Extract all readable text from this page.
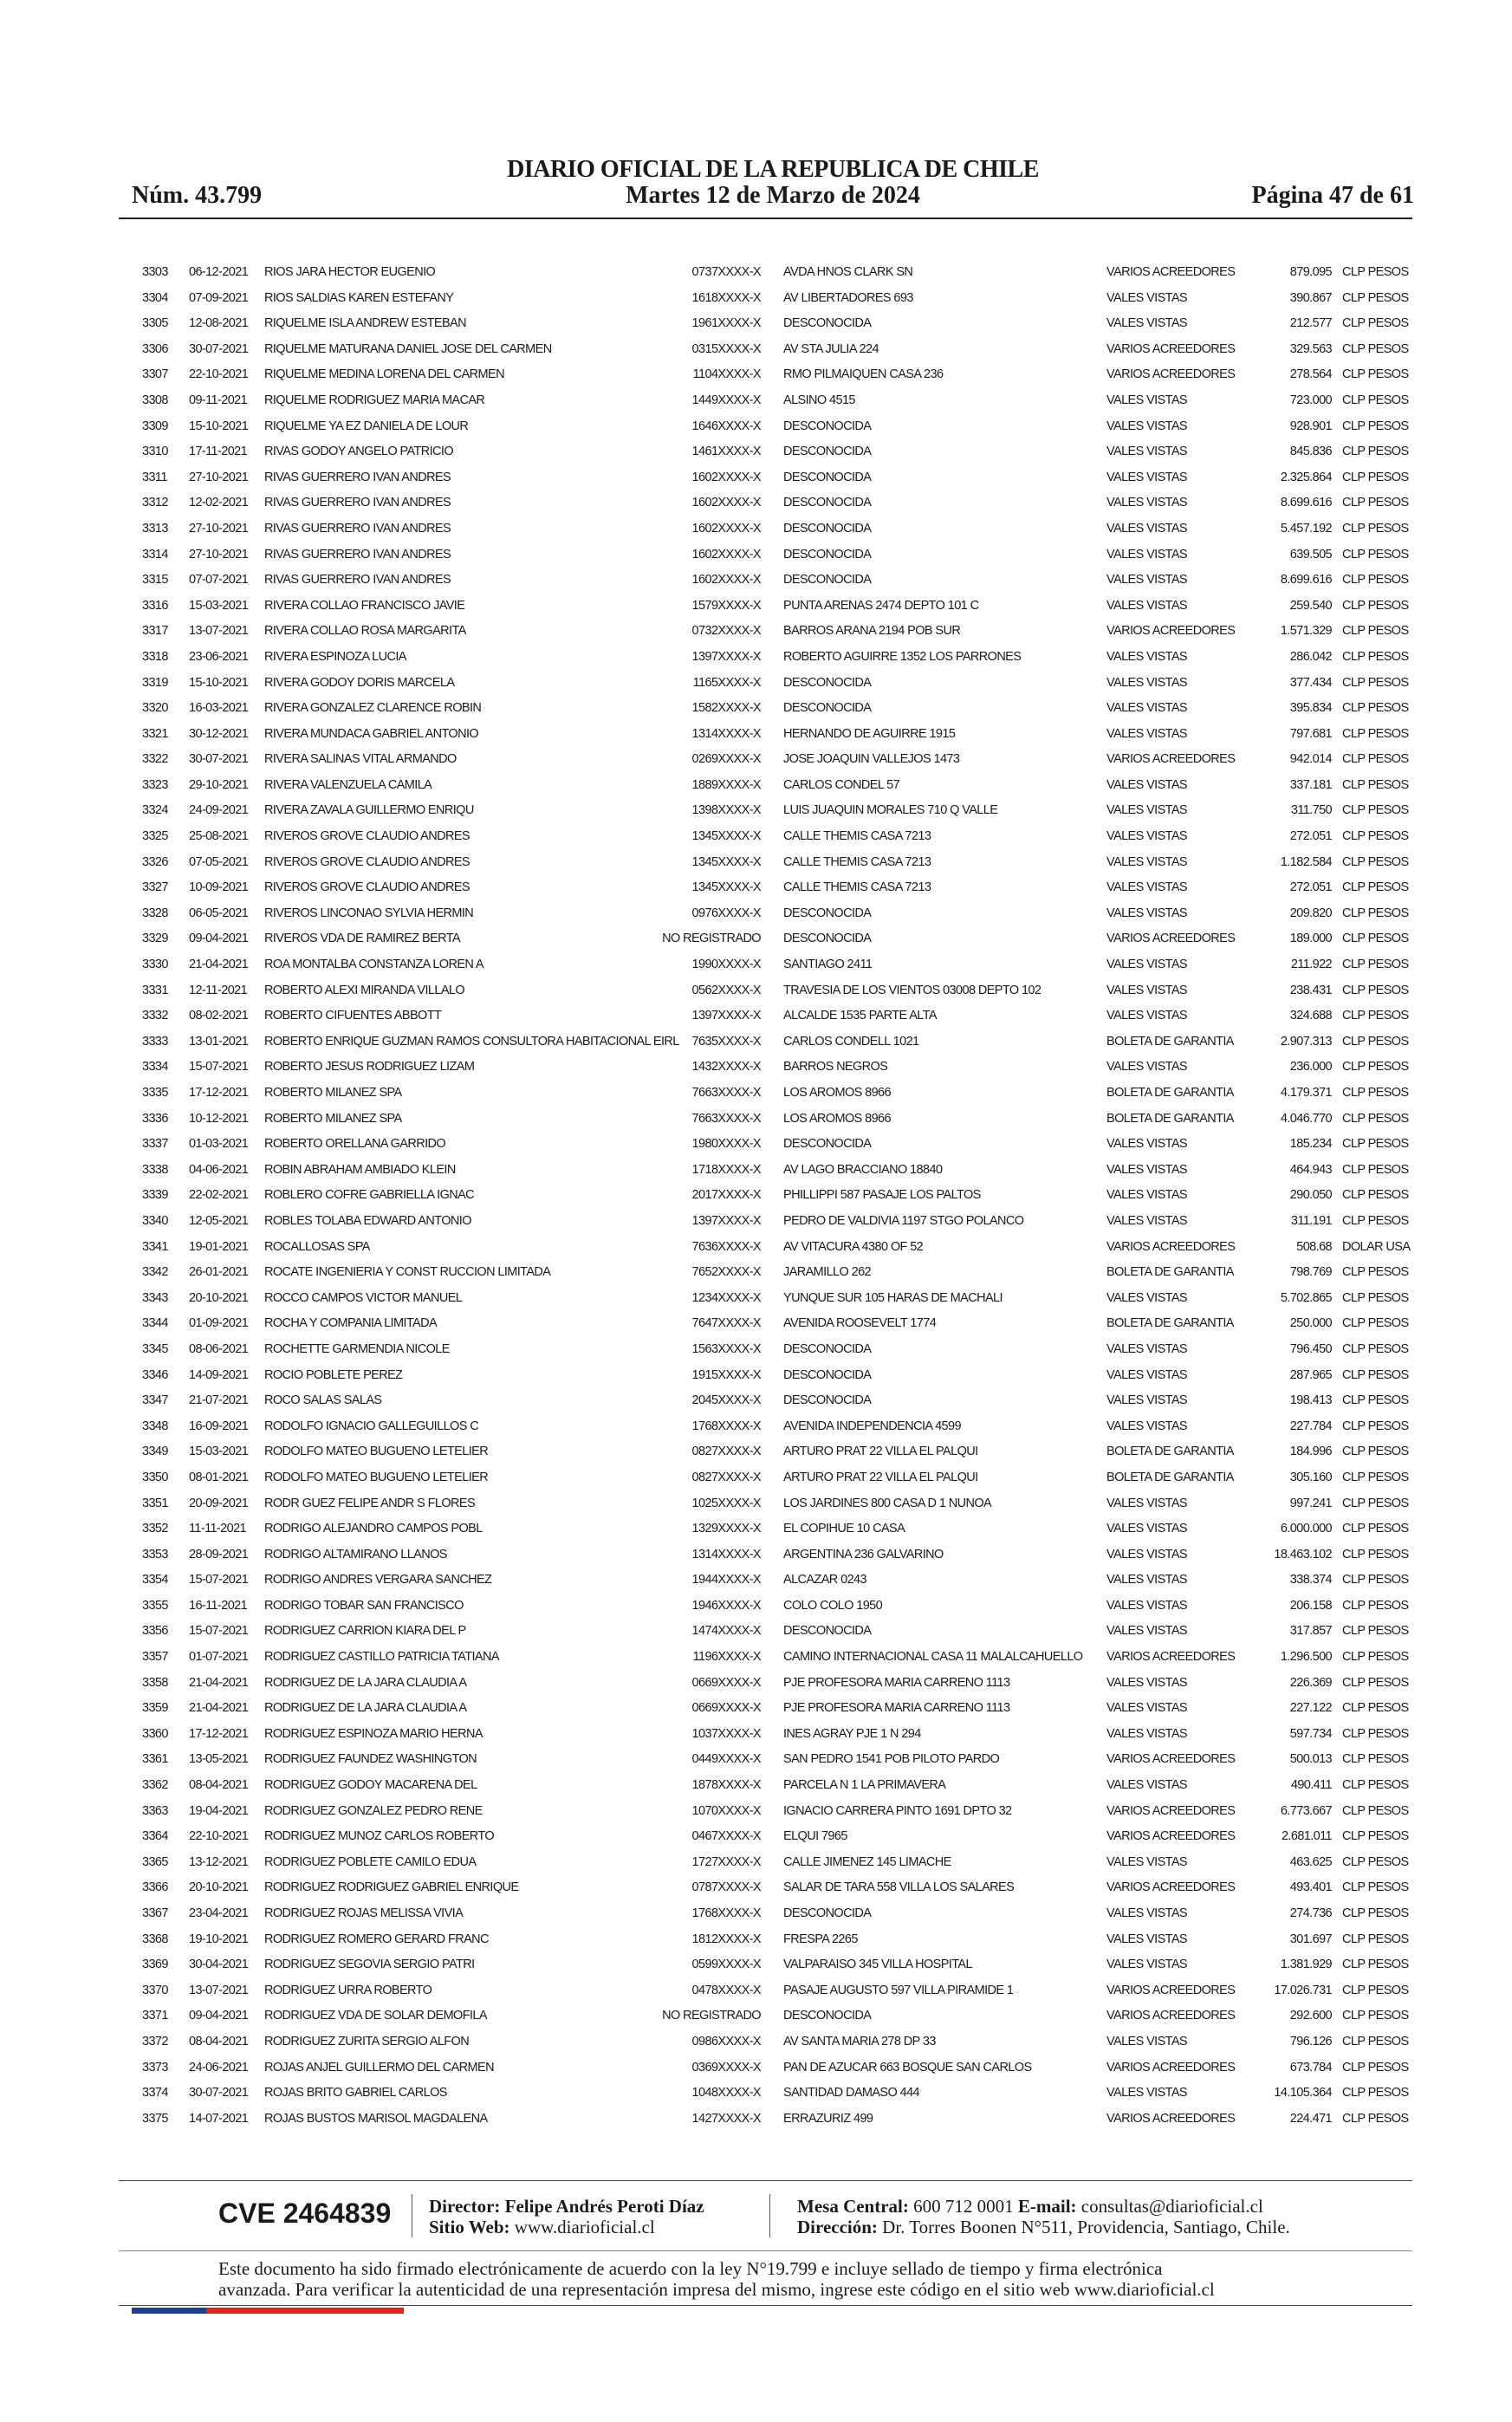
DIARIO OFICIAL DE LA REPUBLICA DE CHILE
Núm. 43.799	Martes 12 de Marzo de 2024	Página 47 de 61
3303 06-12-2021 RIOS JARA HECTOR EUGENIO	0737XXXX-X AVDA HNOS CLARK SN	VARIOS ACREEDORES	879.095 CLP PESOS
3304 07-09-2021 RIOS SALDIAS KAREN ESTEFANY	1618XXXX-X AV LIBERTADORES 693	VALES VISTAS	390.867 CLP PESOS
3305 12-08-2021 RIQUELME ISLA ANDREW ESTEBAN	1961XXXX-X DESCONOCIDA	VALES VISTAS	212.577 CLP PESOS
3306 30-07-2021 RIQUELME MATURANA DANIEL JOSE DEL CARMEN	0315XXXX-X AV STA JULIA 224	VARIOS ACREEDORES	329.563 CLP PESOS
3307 22-10-2021 RIQUELME MEDINA LORENA DEL CARMEN	1104XXXX-X RMO PILMAIQUEN CASA 236	VARIOS ACREEDORES	278.564 CLP PESOS
3308 09-11-2021 RIQUELME RODRIGUEZ MARIA MACAR	1449XXXX-X ALSINO 4515	VALES VISTAS	723.000 CLP PESOS
3309 15-10-2021 RIQUELME YA EZ DANIELA DE LOUR	1646XXXX-X DESCONOCIDA	VALES VISTAS	928.901 CLP PESOS
3310 17-11-2021 RIVAS GODOY ANGELO PATRICIO	1461XXXX-X DESCONOCIDA	VALES VISTAS	845.836 CLP PESOS
3311 27-10-2021 RIVAS GUERRERO IVAN ANDRES	1602XXXX-X DESCONOCIDA	VALES VISTAS	2.325.864 CLP PESOS
3312 12-02-2021 RIVAS GUERRERO IVAN ANDRES	1602XXXX-X DESCONOCIDA	VALES VISTAS	8.699.616 CLP PESOS
3313 27-10-2021 RIVAS GUERRERO IVAN ANDRES	1602XXXX-X DESCONOCIDA	VALES VISTAS	5.457.192 CLP PESOS
3314 27-10-2021 RIVAS GUERRERO IVAN ANDRES	1602XXXX-X DESCONOCIDA	VALES VISTAS	639.505 CLP PESOS
3315 07-07-2021 RIVAS GUERRERO IVAN ANDRES	1602XXXX-X DESCONOCIDA	VALES VISTAS	8.699.616 CLP PESOS
3316 15-03-2021 RIVERA COLLAO FRANCISCO JAVIE	1579XXXX-X PUNTA ARENAS 2474 DEPTO 101 C	VALES VISTAS	259.540 CLP PESOS
3317 13-07-2021 RIVERA COLLAO ROSA MARGARITA	0732XXXX-X BARROS ARANA 2194 POB SUR	VARIOS ACREEDORES	1.571.329 CLP PESOS
3318 23-06-2021 RIVERA ESPINOZA LUCIA	1397XXXX-X ROBERTO AGUIRRE 1352 LOS PARRONES	VALES VISTAS	286.042 CLP PESOS
3319 15-10-2021 RIVERA GODOY DORIS MARCELA	1165XXXX-X DESCONOCIDA	VALES VISTAS	377.434 CLP PESOS
3320 16-03-2021 RIVERA GONZALEZ CLARENCE ROBIN	1582XXXX-X DESCONOCIDA	VALES VISTAS	395.834 CLP PESOS
3321 30-12-2021 RIVERA MUNDACA GABRIEL ANTONIO	1314XXXX-X HERNANDO DE AGUIRRE 1915	VALES VISTAS	797.681 CLP PESOS
3322 30-07-2021 RIVERA SALINAS VITAL ARMANDO	0269XXXX-X JOSE JOAQUIN VALLEJOS 1473	VARIOS ACREEDORES	942.014 CLP PESOS
3323 29-10-2021 RIVERA VALENZUELA CAMILA	1889XXXX-X CARLOS CONDEL 57	VALES VISTAS	337.181 CLP PESOS
3324 24-09-2021 RIVERA ZAVALA GUILLERMO ENRIQU	1398XXXX-X LUIS JUAQUIN MORALES 710 Q VALLE	VALES VISTAS	311.750 CLP PESOS
3325 25-08-2021 RIVEROS GROVE CLAUDIO ANDRES	1345XXXX-X CALLE THEMIS CASA 7213	VALES VISTAS	272.051 CLP PESOS
3326 07-05-2021 RIVEROS GROVE CLAUDIO ANDRES	1345XXXX-X CALLE THEMIS CASA 7213	VALES VISTAS	1.182.584 CLP PESOS
3327 10-09-2021 RIVEROS GROVE CLAUDIO ANDRES	1345XXXX-X CALLE THEMIS CASA 7213	VALES VISTAS	272.051 CLP PESOS
3328 06-05-2021 RIVEROS LINCONAO SYLVIA HERMIN	0976XXXX-X DESCONOCIDA	VALES VISTAS	209.820 CLP PESOS
3329 09-04-2021 RIVEROS VDA DE RAMIREZ BERTA	NO REGISTRADO DESCONOCIDA	VARIOS ACREEDORES	189.000 CLP PESOS
3330 21-04-2021 ROA MONTALBA CONSTANZA LOREN A	1990XXXX-X SANTIAGO 2411	VALES VISTAS	211.922 CLP PESOS
3331 12-11-2021 ROBERTO ALEXI MIRANDA VILLALO	0562XXXX-X TRAVESIA DE LOS VIENTOS 03008 DEPTO 102	VALES VISTAS	238.431 CLP PESOS
3332 08-02-2021 ROBERTO CIFUENTES ABBOTT	1397XXXX-X ALCALDE 1535 PARTE ALTA	VALES VISTAS	324.688 CLP PESOS
3333 13-01-2021 ROBERTO ENRIQUE GUZMAN RAMOS CONSULTORA HABITACIONAL EIRL	7635XXXX-X CARLOS CONDELL 1021	BOLETA DE GARANTIA	2.907.313 CLP PESOS
3334 15-07-2021 ROBERTO JESUS RODRIGUEZ LIZAM	1432XXXX-X BARROS NEGROS	VALES VISTAS	236.000 CLP PESOS
3335 17-12-2021 ROBERTO MILANEZ SPA	7663XXXX-X LOS AROMOS 8966	BOLETA DE GARANTIA	4.179.371 CLP PESOS
3336 10-12-2021 ROBERTO MILANEZ SPA	7663XXXX-X LOS AROMOS 8966	BOLETA DE GARANTIA	4.046.770 CLP PESOS
3337 01-03-2021 ROBERTO ORELLANA GARRIDO	1980XXXX-X DESCONOCIDA	VALES VISTAS	185.234 CLP PESOS
3338 04-06-2021 ROBIN ABRAHAM AMBIADO KLEIN	1718XXXX-X AV LAGO BRACCIANO 18840	VALES VISTAS	464.943 CLP PESOS
3339 22-02-2021 ROBLERO COFRE GABRIELLA IGNAC	2017XXXX-X PHILLIPPI 587 PASAJE LOS PALTOS	VALES VISTAS	290.050 CLP PESOS
3340 12-05-2021 ROBLES TOLABA EDWARD ANTONIO	1397XXXX-X PEDRO DE VALDIVIA 1197 STGO POLANCO	VALES VISTAS	311.191 CLP PESOS
3341 19-01-2021 ROCALLOSAS SPA	7636XXXX-X AV VITACURA 4380 OF 52	VARIOS ACREEDORES	508.68 DOLAR USA
3342 26-01-2021 ROCATE INGENIERIA Y CONST RUCCION LIMITADA	7652XXXX-X JARAMILLO 262	BOLETA DE GARANTIA	798.769 CLP PESOS
3343 20-10-2021 ROCCO CAMPOS VICTOR MANUEL	1234XXXX-X YUNQUE SUR 105 HARAS DE MACHALI	VALES VISTAS	5.702.865 CLP PESOS
3344 01-09-2021 ROCHA Y COMPANIA LIMITADA	7647XXXX-X AVENIDA ROOSEVELT 1774	BOLETA DE GARANTIA	250.000 CLP PESOS
3345 08-06-2021 ROCHETTE GARMENDIA NICOLE	1563XXXX-X DESCONOCIDA	VALES VISTAS	796.450 CLP PESOS
3346 14-09-2021 ROCIO POBLETE PEREZ	1915XXXX-X DESCONOCIDA	VALES VISTAS	287.965 CLP PESOS
3347 21-07-2021 ROCO SALAS SALAS	2045XXXX-X DESCONOCIDA	VALES VISTAS	198.413 CLP PESOS
3348 16-09-2021 RODOLFO IGNACIO GALLEGUILLOS C	1768XXXX-X AVENIDA INDEPENDENCIA 4599	VALES VISTAS	227.784 CLP PESOS
3349 15-03-2021 RODOLFO MATEO BUGUENO LETELIER	0827XXXX-X ARTURO PRAT 22 VILLA EL PALQUI	BOLETA DE GARANTIA	184.996 CLP PESOS
3350 08-01-2021 RODOLFO MATEO BUGUENO LETELIER	0827XXXX-X ARTURO PRAT 22 VILLA EL PALQUI	BOLETA DE GARANTIA	305.160 CLP PESOS
3351 20-09-2021 RODR GUEZ FELIPE ANDR S FLORES	1025XXXX-X LOS JARDINES 800 CASA D 1 NUNOA	VALES VISTAS	997.241 CLP PESOS
3352 11-11-2021 RODRIGO ALEJANDRO CAMPOS POBL	1329XXXX-X EL COPIHUE 10 CASA	VALES VISTAS	6.000.000 CLP PESOS
3353 28-09-2021 RODRIGO ALTAMIRANO LLANOS	1314XXXX-X ARGENTINA 236 GALVARINO	VALES VISTAS	18.463.102 CLP PESOS
3354 15-07-2021 RODRIGO ANDRES VERGARA SANCHEZ	1944XXXX-X ALCAZAR 0243	VALES VISTAS	338.374 CLP PESOS
3355 16-11-2021 RODRIGO TOBAR SAN FRANCISCO	1946XXXX-X COLO COLO 1950	VALES VISTAS	206.158 CLP PESOS
3356 15-07-2021 RODRIGUEZ CARRION KIARA DEL P	1474XXXX-X DESCONOCIDA	VALES VISTAS	317.857 CLP PESOS
3357 01-07-2021 RODRIGUEZ CASTILLO PATRICIA TATIANA	1196XXXX-X CAMINO INTERNACIONAL CASA 11 MALALCAHUELLO VARIOS ACREEDORES	1.296.500 CLP PESOS
3358 21-04-2021 RODRIGUEZ DE LA JARA CLAUDIA A	0669XXXX-X PJE PROFESORA MARIA CARRENO 1113	VALES VISTAS	226.369 CLP PESOS
3359 21-04-2021 RODRIGUEZ DE LA JARA CLAUDIA A	0669XXXX-X PJE PROFESORA MARIA CARRENO 1113	VALES VISTAS	227.122 CLP PESOS
3360 17-12-2021 RODRIGUEZ ESPINOZA MARIO HERNA	1037XXXX-X INES AGRAY PJE 1 N 294	VALES VISTAS	597.734 CLP PESOS
3361 13-05-2021 RODRIGUEZ FAUNDEZ WASHINGTON	0449XXXX-X SAN PEDRO 1541 POB PILOTO PARDO	VARIOS ACREEDORES	500.013 CLP PESOS
3362 08-04-2021 RODRIGUEZ GODOY MACARENA DEL	1878XXXX-X PARCELA N 1 LA PRIMAVERA	VALES VISTAS	490.411 CLP PESOS
3363 19-04-2021 RODRIGUEZ GONZALEZ PEDRO RENE	1070XXXX-X IGNACIO CARRERA PINTO 1691 DPTO 32	VARIOS ACREEDORES	6.773.667 CLP PESOS
3364 22-10-2021 RODRIGUEZ MUNOZ CARLOS ROBERTO	0467XXXX-X ELQUI 7965	VARIOS ACREEDORES	2.681.011 CLP PESOS
3365 13-12-2021 RODRIGUEZ POBLETE CAMILO EDUA	1727XXXX-X CALLE JIMENEZ 145 LIMACHE	VALES VISTAS	463.625 CLP PESOS
3366 20-10-2021 RODRIGUEZ RODRIGUEZ GABRIEL ENRIQUE	0787XXXX-X SALAR DE TARA 558 VILLA LOS SALARES	VARIOS ACREEDORES	493.401 CLP PESOS
3367 23-04-2021 RODRIGUEZ ROJAS MELISSA VIVIA	1768XXXX-X DESCONOCIDA	VALES VISTAS	274.736 CLP PESOS
3368 19-10-2021 RODRIGUEZ ROMERO GERARD FRANC	1812XXXX-X FRESPA 2265	VALES VISTAS	301.697 CLP PESOS
3369 30-04-2021 RODRIGUEZ SEGOVIA SERGIO PATRI	0599XXXX-X VALPARAISO 345 VILLA HOSPITAL	VALES VISTAS	1.381.929 CLP PESOS
3370 13-07-2021 RODRIGUEZ URRA ROBERTO	0478XXXX-X PASAJE AUGUSTO 597 VILLA PIRAMIDE 1	VARIOS ACREEDORES	17.026.731 CLP PESOS
3371 09-04-2021 RODRIGUEZ VDA DE SOLAR DEMOFILA	NO REGISTRADO DESCONOCIDA	VARIOS ACREEDORES	292.600 CLP PESOS
3372 08-04-2021 RODRIGUEZ ZURITA SERGIO ALFON	0986XXXX-X AV SANTA MARIA 278 DP 33	VALES VISTAS	796.126 CLP PESOS
3373 24-06-2021 ROJAS ANJEL GUILLERMO DEL CARMEN	0369XXXX-X PAN DE AZUCAR 663 BOSQUE SAN CARLOS	VARIOS ACREEDORES	673.784 CLP PESOS
3374 30-07-2021 ROJAS BRITO GABRIEL CARLOS	1048XXXX-X SANTIDAD DAMASO 444	VALES VISTAS	14.105.364 CLP PESOS
3375 14-07-2021 ROJAS BUSTOS MARISOL MAGDALENA	1427XXXX-X ERRAZURIZ 499	VARIOS ACREEDORES	224.471 CLP PESOS
CVE 2464839 Director: Felipe Andrés Peroti Díaz
Sitio Web: www.diarioficial.cl
Mesa Central: 600 712 0001 E-mail: consultas@diarioficial.cl
Dirección: Dr. Torres Boonen N°511, Providencia, Santiago, Chile.
Este documento ha sido firmado electrónicamente de acuerdo con la ley N°19.799 e incluye sellado de tiempo y firma electrónica
avanzada. Para verificar la autenticidad de una representación impresa del mismo, ingrese este código en el sitio web www.diarioficial.cl
